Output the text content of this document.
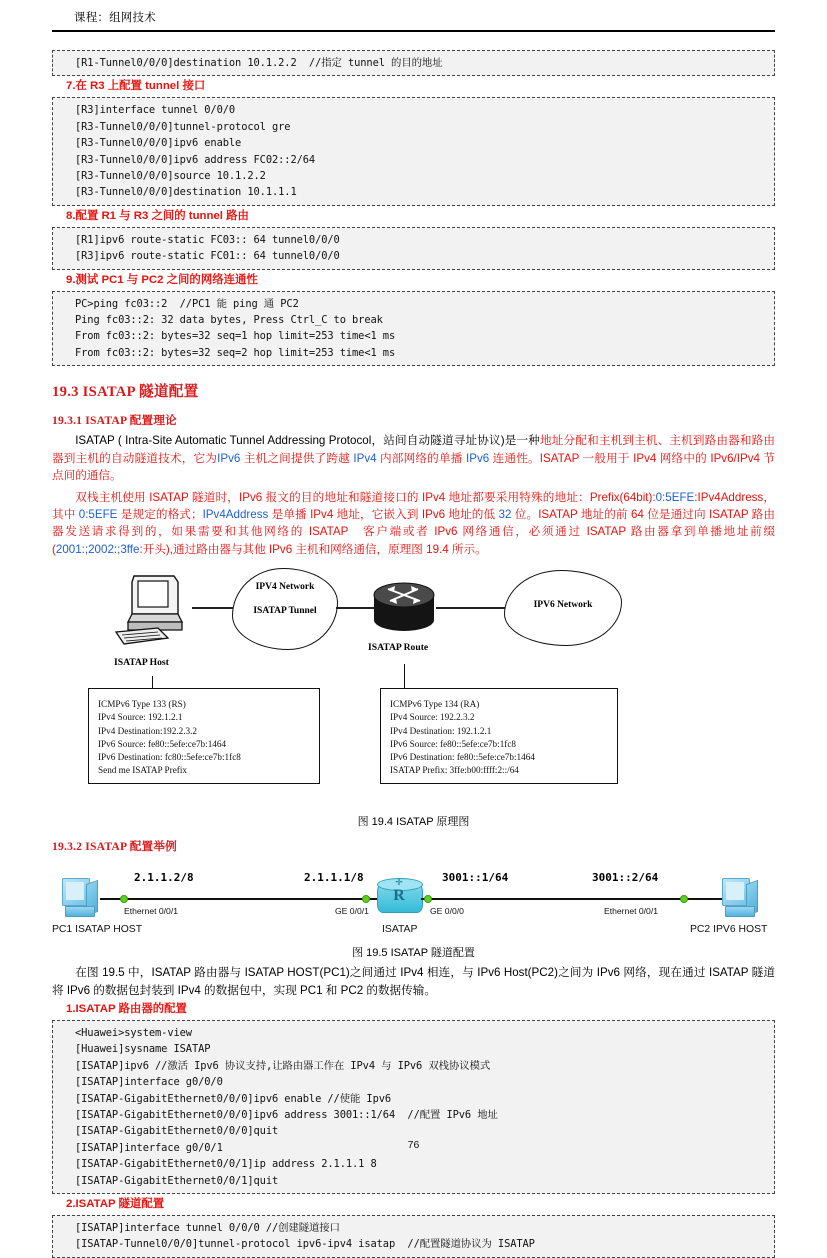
课程：组网技术
[R1-Tunnel0/0/0]destination 10.1.2.2  //指定 tunnel 的目的地址
7.在 R3 上配置 tunnel 接口
[R3]interface tunnel 0/0/0
[R3-Tunnel0/0/0]tunnel-protocol gre
[R3-Tunnel0/0/0]ipv6 enable
[R3-Tunnel0/0/0]ipv6 address FC02::2/64
[R3-Tunnel0/0/0]source 10.1.2.2
[R3-Tunnel0/0/0]destination 10.1.1.1
8.配置 R1 与 R3 之间的 tunnel 路由
[R1]ipv6 route-static FC03:: 64 tunnel0/0/0
[R3]ipv6 route-static FC01:: 64 tunnel0/0/0
9.测试 PC1 与 PC2 之间的网络连通性
PC>ping fc03::2  //PC1 能 ping 通 PC2
Ping fc03::2: 32 data bytes, Press Ctrl_C to break
From fc03::2: bytes=32 seq=1 hop limit=253 time<1 ms
From fc03::2: bytes=32 seq=2 hop limit=253 time<1 ms
19.3 ISATAP 隧道配置
19.3.1 ISATAP 配置理论
ISATAP ( Intra-Site Automatic Tunnel Addressing Protocol，站间自动隧道寻址协议)是一种地址分配和主机到主机、主机到路由器和路由器到主机的自动隧道技术，它为IPv6 主机之间提供了跨越 IPv4 内部网络的单播 IPv6 连通性。ISATAP 一般用于 IPv4 网络中的 IPv6/IPv4 节点间的通信。
双栈主机使用 ISATAP 隧道时，IPv6 报文的目的地址和隧道接口的 IPv4 地址都要采用特殊的地址：Prefix(64bit):0:5EFE:IPv4Address，其中 0:5EFE 是规定的格式；IPv4Address 是单播 IPv4 地址，它嵌入到 IPv6 地址的低 32 位。ISATAP 地址的前 64 位是通过向 ISATAP 路由器发送请求得到的，如果需要和其他网络的 ISATAP　客户端或者 IPv6 网络通信，必须通过 ISATAP 路由器拿到单播地址前缀(2001:;2002:;3ffe:开头),通过路由器与其他 IPv6 主机和网络通信，原理图 19.4 所示。
ISATAP Host
IPV4 Network
ISATAP Tunnel
ISATAP Route
IPV6 Network
ICMPv6 Type 133 (RS)
IPv4 Source: 192.1.2.1
IPv4 Destination:192.2.3.2
IPv6 Source: fe80::5efe:ce7b:1464
IPv6 Destination: fc80::5efe:ce7b:1fc8
Send me ISATAP Prefix
ICMPv6 Type 134 (RA)
IPv4 Source: 192.2.3.2
IPv4 Destination: 192.1.2.1
IPv6 Source: fe80::5efe:ce7b:1fc8
IPv6 Destination: fe80::5efe:ce7b:1464
ISATAP Prefix: 3ffe:b00:ffff:2::/64
图 19.4 ISATAP 原理图
19.3.2 ISATAP 配置举例
PC1 ISATAP HOST
2.1.1.2/8
Ethernet 0/0/1
2.1.1.1/8
GE 0/0/1
✛
R
ISATAP
3001::1/64
GE 0/0/0
3001::2/64
Ethernet 0/0/1
PC2 IPV6 HOST
图 19.5 ISATAP 隧道配置
在图 19.5 中，ISATAP 路由器与 ISATAP HOST(PC1)之间通过 IPv4 相连，与 IPv6 Host(PC2)之间为 IPv6 网络，现在通过 ISATAP 隧道将 IPv6 的数据包封装到 IPv4 的数据包中，实现 PC1 和 PC2 的数据传输。
1.ISATAP 路由器的配置
<Huawei>system-view
[Huawei]sysname ISATAP
[ISATAP]ipv6 //激活 Ipv6 协议支持,让路由器工作在 IPv4 与 IPv6 双栈协议模式
[ISATAP]interface g0/0/0
[ISATAP-GigabitEthernet0/0/0]ipv6 enable //使能 Ipv6
[ISATAP-GigabitEthernet0/0/0]ipv6 address 3001::1/64  //配置 IPv6 地址
[ISATAP-GigabitEthernet0/0/0]quit
[ISATAP]interface g0/0/1
[ISATAP-GigabitEthernet0/0/1]ip address 2.1.1.1 8
[ISATAP-GigabitEthernet0/0/1]quit
2.ISATAP 隧道配置
[ISATAP]interface tunnel 0/0/0 //创建隧道接口
[ISATAP-Tunnel0/0/0]tunnel-protocol ipv6-ipv4 isatap  //配置隧道协议为 ISATAP
76
